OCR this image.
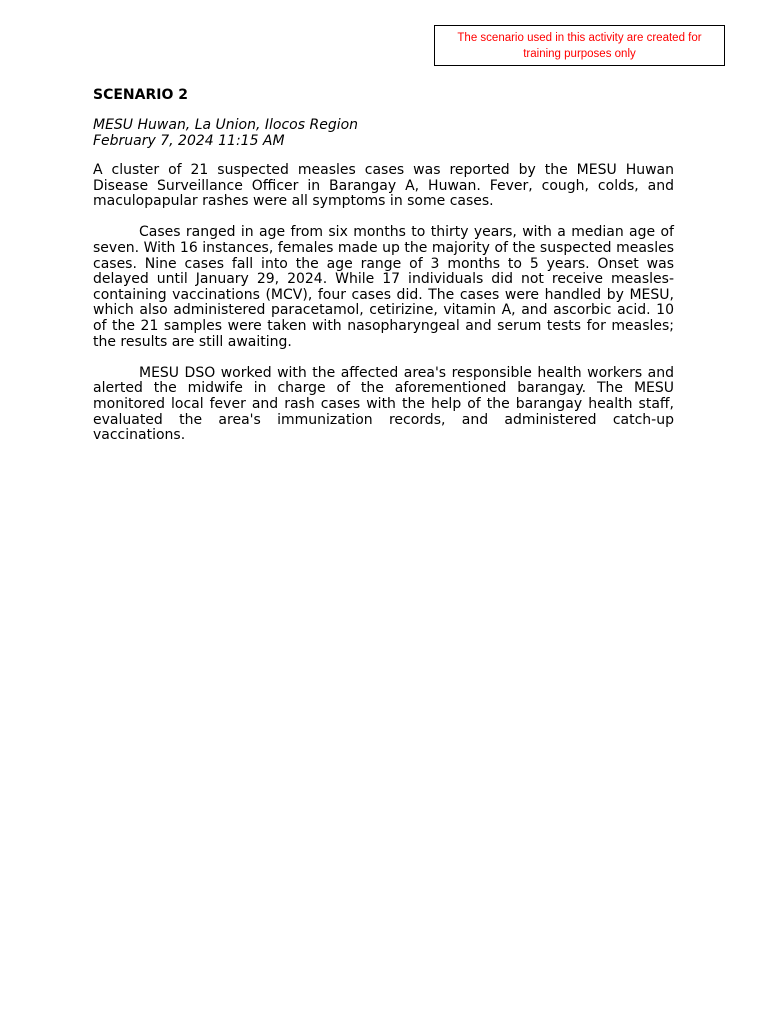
The scenario used in this activity are created for training purposes only
SCENARIO 2
MESU Huwan, La Union, Ilocos Region
February 7, 2024 11:15 AM

A cluster of 21 suspected measles cases was reported by the MESU Huwan Disease Surveillance Officer in Barangay A, Huwan. Fever, cough, colds, and maculopapular rashes were all symptoms in some cases.

Cases ranged in age from six months to thirty years, with a median age of seven. With 16 instances, females made up the majority of the suspected measles cases. Nine cases fall into the age range of 3 months to 5 years. Onset was delayed until January 29, 2024. While 17 individuals did not receive measles-containing vaccinations (MCV), four cases did. The cases were handled by MESU, which also administered paracetamol, cetirizine, vitamin A, and ascorbic acid. 10 of the 21 samples were taken with nasopharyngeal and serum tests for measles; the results are still awaiting.

MESU DSO worked with the affected area's responsible health workers and alerted the midwife in charge of the aforementioned barangay. The MESU monitored local fever and rash cases with the help of the barangay health staff, evaluated the area's immunization records, and administered catch-up vaccinations.
